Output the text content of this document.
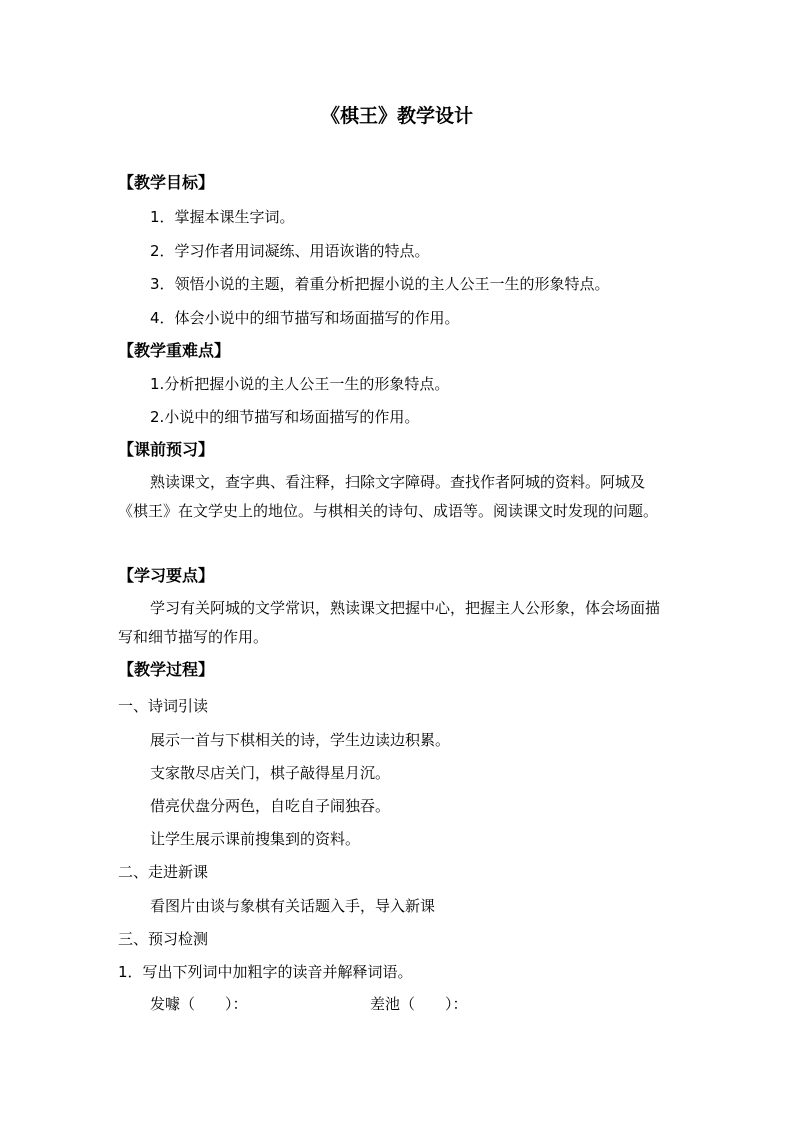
《棋王》教学设计
【教学目标】
1．掌握本课生字词。
2．学习作者用词凝练、用语诙谐的特点。
3．领悟小说的主题，着重分析把握小说的主人公王一生的形象特点。
4．体会小说中的细节描写和场面描写的作用。
【教学重难点】
1.分析把握小说的主人公王一生的形象特点。
2.小说中的细节描写和场面描写的作用。
【课前预习】
熟读课文，查字典、看注释，扫除文字障碍。查找作者阿城的资料。阿城及《棋王》在文学史上的地位。与棋相关的诗句、成语等。阅读课文时发现的问题。
【学习要点】
学习有关阿城的文学常识，熟读课文把握中心，把握主人公形象，体会场面描写和细节描写的作用。
【教学过程】
一、诗词引读
展示一首与下棋相关的诗，学生边读边积累。
支家散尽店关门，棋子敲得星月沉。
借亮伏盘分两色，自吃自子闹独吞。
让学生展示课前搜集到的资料。
二、走进新课
看图片由谈与象棋有关话题入手，导入新课
三、预习检测
1．写出下列词中加粗字的读音并解释词语。
发噱（　　）：	差池（　　）：
